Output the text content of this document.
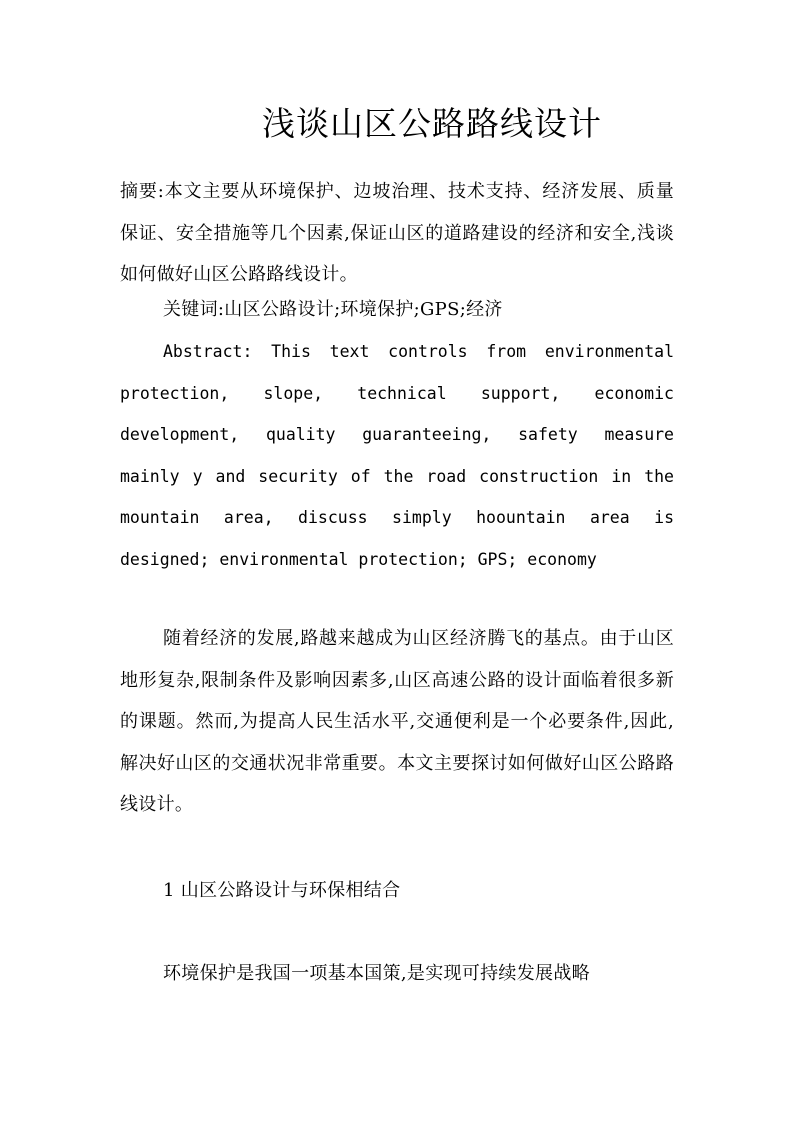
浅谈山区公路路线设计

摘要:本文主要从环境保护、边坡治理、技术支持、经济发展、质量保证、安全措施等几个因素,保证山区的道路建设的经济和安全,浅谈如何做好山区公路路线设计。

关键词:山区公路设计;环境保护;GPS;经济

Abstract: This text controls from environmental protection, slope, technical support, economic development, quality guaranteeing, safety measure mainly y and security of the road construction in the mountain area, discuss simply hoountain area is designed; environmental protection; GPS; economy

随着经济的发展,路越来越成为山区经济腾飞的基点。由于山区地形复杂,限制条件及影响因素多,山区高速公路的设计面临着很多新的课题。然而,为提高人民生活水平,交通便利是一个必要条件,因此,解决好山区的交通状况非常重要。本文主要探讨如何做好山区公路路线设计。

1 山区公路设计与环保相结合

环境保护是我国一项基本国策,是实现可持续发展战略
